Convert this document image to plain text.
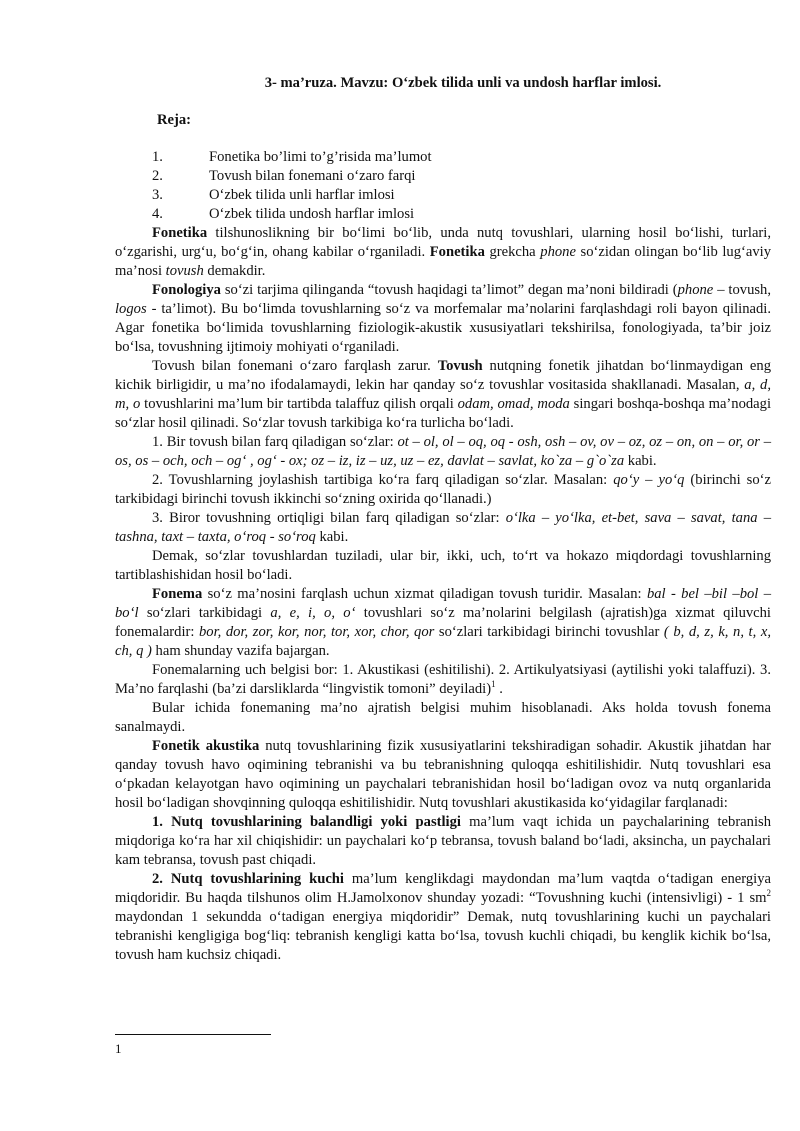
3- ma’ruza. Mavzu: O‘zbek tilida unli va undosh harflar imlosi.
Reja:
1.	Fonetika bo’limi to’g’risida ma’lumot
2.	Tovush bilan fonemani o‘zaro farqi
3.	O‘zbek tilida unli harflar imlosi
4.	O‘zbek tilida undosh harflar imlosi

Fonetika tilshunoslikning bir bo‘limi bo‘lib, unda nutq tovushlari, ularning hosil bo‘lishi, turlari, o‘zgarishi, urg‘u, bo‘g‘in, ohang kabilar o‘rganiladi. Fonetika grekcha phone so‘zidan olingan bo‘lib lug‘aviy ma’nosi tovush demakdir.

Fonologiya so‘zi tarjima qilinganda “tovush haqidagi ta’limot” degan ma’noni bildiradi (phone – tovush, logos - ta’limot). Bu bo‘limda tovushlarning so‘z va morfemalar ma’nolarini farqlashdagi roli bayon qilinadi. Agar fonetika bo‘limida tovushlarning fiziologik-akustik xususiyatlari tekshirilsa, fonologiyada, ta’bir joiz bo‘lsa, tovushning ijtimoiy mohiyati o‘rganiladi.

Tovush bilan fonemani o‘zaro farqlash zarur. Tovush nutqning fonetik jihatdan bo‘linmaydigan eng kichik birligidir, u ma’no ifodalamaydi, lekin har qanday so‘z tovushlar vositasida shakllanadi. Masalan, a, d, m, o tovushlarini ma’lum bir tartibda talaffuz qilish orqali odam, omad, moda singari boshqa-boshqa ma’nodagi so‘zlar hosil qilinadi. So‘zlar tovush tarkibiga ko‘ra turlicha bo‘ladi.

1. Bir tovush bilan farq qiladigan so‘zlar: ot – ol, ol – oq, oq - osh, osh – ov, ov – oz, oz – on, on – or, or – os, os – och, och – og‘ , og‘ - ox; oz – iz, iz – uz, uz – ez, davlat – savlat, ko`za – g`o`za kabi.

2. Tovushlarning joylashish tartibiga ko‘ra farq qiladigan so‘zlar. Masalan: qo‘y – yo‘q (birinchi so‘z tarkibidagi birinchi tovush ikkinchi so‘zning oxirida qo‘llanadi.)

3. Biror tovushning ortiqligi bilan farq qiladigan so‘zlar: o‘lka – yo‘lka, et-bet, sava – savat, tana – tashna, taxt – taxta, o‘roq - so‘roq kabi.

Demak, so‘zlar tovushlardan tuziladi, ular bir, ikki, uch, to‘rt va hokazo miqdordagi tovushlarning tartiblashishidan hosil bo‘ladi.

Fonema so‘z ma’nosini farqlash uchun xizmat qiladigan tovush turidir. Masalan: bal - bel –bil –bol – bo‘l so‘zlari tarkibidagi a, e, i, o, o‘ tovushlari so‘z ma’nolarini belgilash (ajratish)ga xizmat qiluvchi fonemalardir: bor, dor, zor, kor, nor, tor, xor, chor, qor so‘zlari tarkibidagi birinchi tovushlar ( b, d, z, k, n, t, x, ch, q ) ham shunday vazifa bajargan.

Fonemalarning uch belgisi bor: 1. Akustikasi (eshitilishi). 2. Artikulyatsiyasi (aytilishi yoki talaffuzi). 3. Ma’no farqlashi (ba’zi darsliklarda “lingvistik tomoni” deyiladi)$^1$ .

Bular ichida fonemaning ma’no ajratish belgisi muhim hisoblanadi. Aks holda tovush fonema sanalmaydi.

Fonetik akustika nutq tovushlarining fizik xususiyatlarini tekshiradigan sohadir. Akustik jihatdan har qanday tovush havo oqimining tebranishi va bu tebranishning quloqqa eshitilishidir. Nutq tovushlari esa o‘pkadan kelayotgan havo oqimining un paychalari tebranishidan hosil bo‘ladigan ovoz va nutq organlarida hosil bo‘ladigan shovqinning quloqqa eshitilishidir. Nutq tovushlari akustikasida ko‘yidagilar farqlanadi:

1. Nutq tovushlarining balandligi yoki pastligi ma’lum vaqt ichida un paychalarining tebranish miqdoriga ko‘ra har xil chiqishidir: un paychalari ko‘p tebransa, tovush baland bo‘ladi, aksincha, un paychalari kam tebransa, tovush past chiqadi.

2. Nutq tovushlarining kuchi ma’lum kenglikdagi maydondan ma’lum vaqtda o‘tadigan energiya miqdoridir. Bu haqda tilshunos olim H.Jamolxonov shunday yozadi: “Tovushning kuchi (intensivligi) - 1 $sm^2$ maydondan 1 sekundda o‘tadigan energiya miqdoridir” Demak, nutq tovushlarining kuchi un paychalari tebranishi kengligiga bog‘liq: tebranish kengligi katta bo‘lsa, tovush kuchli chiqadi, bu kenglik kichik bo‘lsa, tovush ham kuchsiz chiqadi.

1
